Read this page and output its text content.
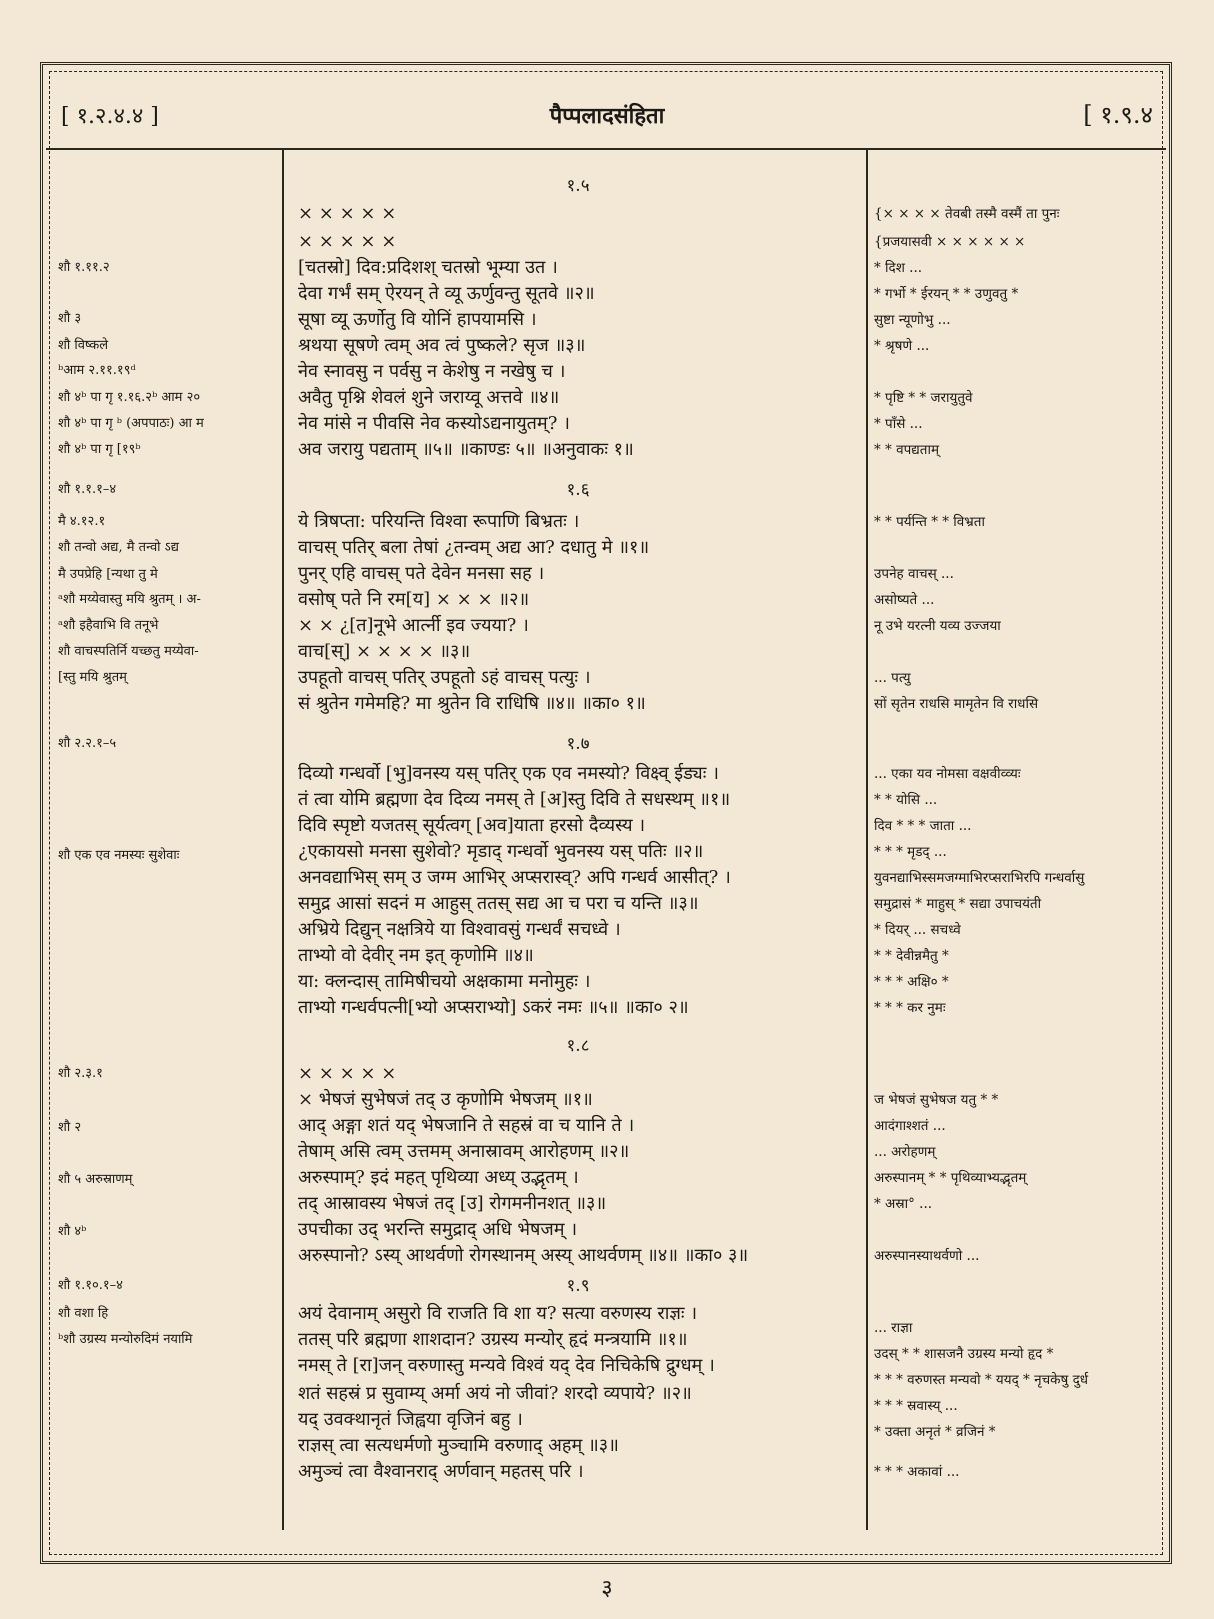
[ १.२.४.४ ]	पैप्पलादसंहिता	[ १.९.४
शौ १.११.२
शौ ३
शौ विष्कले
ᵇआम २.११.१९ᵈ
शौ ४ᵇ पा गृ १.१६.२ᵇ आम २०
शौ ४ᵇ पा गृ ᵇ (अपपाठः) आ म
शौ ४ᵇ पा गृ [१९ᵇ
शौ १.१.१–४
मै ४.१२.१
शौ तन्वो अद्य, मै तन्वो ऽद्य
मै उपप्रेहि [न्यथा तु मे
ᵃशौ मय्येवास्तु मयि श्रुतम् । अ-
ᵃशौ इहैवाभि वि तनूभे
शौ वाचस्पतिर्नि यच्छतु मय्येवा-
[स्तु मयि श्रुतम्
शौ २.२.१–५
शौ एक एव नमस्यः सुशेवाः
शौ २.३.१
शौ २
शौ ५ अरुस्राणम्
शौ ४ᵇ
शौ १.१०.१–४
शौ वशा हि
ᵇशौ उग्रस्य मन्योरुदिमं नयामि
१.५
× × × × ×
× × × × ×
[चतस्रो] दिव:प्रदिशश् चतस्रो भूम्या उत ।
देवा गर्भं सम् ऐरयन् ते व्यू ऊर्णुवन्तु सूतवे ॥२॥
सूषा व्यू ऊर्णोतु वि योनिं हापयामसि ।
श्रथया सूषणे त्वम् अव त्वं पुष्कले? सृज ॥३॥
नेव स्नावसु न पर्वसु न केशेषु न नखेषु च ।
अवैतु पृश्नि शेवलं शुने जराय्वू अत्तवे ॥४॥
नेव मांसे न पीवसि नेव कस्योऽद्यनायुतम्? ।
अव जरायु पद्यताम् ॥५॥ ॥काण्डः ५॥ ॥अनुवाकः १॥
१.६
ये त्रिषप्ता: परियन्ति विश्वा रूपाणि बिभ्रतः ।
वाचस् पतिर् बला तेषां ¿तन्वम् अद्य आ? दधातु मे ॥१॥
पुनर् एहि वाचस् पते देवेन मनसा सह ।
वसोष् पते नि रम[य] × × × ॥२॥
× × ¿[त]नूभे आर्त्नी इव ज्यया? ।
वाच[स्] × × × × ॥३॥
उपहूतो वाचस् पतिर् उपहूतो ऽहं वाचस् पत्युः ।
सं श्रुतेन गमेमहि? मा श्रुतेन वि राधिषि ॥४॥ ॥का० १॥
१.७
दिव्यो गन्धर्वो [भु]वनस्य यस् पतिर् एक एव नमस्यो? विक्ष्व् ईड्यः ।
तं त्वा योमि ब्रह्मणा देव दिव्य नमस् ते [अ]स्तु दिवि ते सधस्थम् ॥१॥
दिवि स्पृष्टो यजतस् सूर्यत्वग् [अव]याता हरसो दैव्यस्य ।
¿एकायसो मनसा सुशेवो? मृडाद् गन्धर्वो भुवनस्य यस् पतिः ॥२॥
अनवद्याभिस् सम् उ जग्म आभिर् अप्सरास्व्? अपि गन्धर्व आसीत्? ।
समुद्र आसां सदनं म आहुस् ततस् सद्य आ च परा च यन्ति ॥३॥
अभ्रिये दिद्युन् नक्षत्रिये या विश्वावसुं गन्धर्वं सचध्वे ।
ताभ्यो वो देवीर् नम इत् कृणोमि ॥४॥
या: क्लन्दास् तामिषीचयो अक्षकामा मनोमुहः ।
ताभ्यो गन्धर्वपत्नी[भ्यो अप्सराभ्यो] ऽकरं नमः ॥५॥ ॥का० २॥
१.८
× × × × ×
× भेषजं सुभेषजं तद् उ कृणोमि भेषजम् ॥१॥
आद् अङ्गा शतं यद् भेषजानि ते सहस्रं वा च यानि ते ।
तेषाम् असि त्वम् उत्तमम् अनास्रावम् आरोहणम् ॥२॥
अरुस्पाम्? इदं महत् पृथिव्या अध्य् उद्भृतम् ।
तद् आस्रावस्य भेषजं तद् [उ] रोगमनीनशत् ॥३॥
उपचीका उद् भरन्ति समुद्राद् अधि भेषजम् ।
अरुस्पानो? ऽस्य् आथर्वणो रोगस्थानम् अस्य् आथर्वणम् ॥४॥ ॥का० ३॥
१.९
अयं देवानाम् असुरो वि राजति वि शा य? सत्या वरुणस्य राज्ञः ।
ततस् परि ब्रह्मणा शाशदान? उग्रस्य मन्योर् हृदं मन्त्रयामि ॥१॥
नमस् ते [रा]जन् वरुणास्तु मन्यवे विश्वं यद् देव निचिकेषि द्रुग्धम् ।
शतं सहस्रं प्र सुवाम्य् अर्मा अयं नो जीवां? शरदो व्यपाये? ॥२॥
यद् उवक्थानृतं जिह्वया वृजिनं बहु ।
राज्ञस् त्वा सत्यधर्मणो मुञ्चामि वरुणाद् अहम् ॥३॥
अमुञ्चं त्वा वैश्वानराद् अर्णवान् महतस् परि ।
{× × × × तेवबी तस्मै वस्मैं ता पुनः
{प्रजयासवी × × × × × ×
* दिश ...
* गर्भो * ईरयन् * * उणुवतु *
सुष्टा न्यूणोभु ...
* श्रृषणे ...
* पृष्टि * * जरायुतुवे
* पाँसे ...
* * वपद्यताम्
* * पर्यन्ति * * विभ्रता
उपनेह वाचस् ...
असोष्यते ...
नू उभे यरत्नी यव्य उज्जया
... पत्यु
सों सृतेन राधसि मामृतेन वि राधसि
... एका यव नोमसा वक्षवीव्व्यः
* * योसि ...
दिव * * * जाता ...
* * * मृडद् ...
युवनद्याभिस्समजग्माभिरप्सराभिरपि गन्धर्वासु
समुद्रासं * माहुस् * सद्या उपाचयंती
* दियर् ... सचध्वे
* * देवीन्नमैतु *
* * * अक्षि० *
* * * कर नुमः
ज भेषजं सुभेषज यतु * *
आदंगाश्शतं ...
... अरोहणम्
अरुस्पानम् * * पृथिव्याभ्यद्भृतम्
* अस्रा° ...
अरुस्पानस्याथर्वणो ...
... राज्ञा
उदस् * * शासजनै उग्रस्य मन्यो हृद *
* * * वरुणस्त मन्यवो * ययद् * नृचकेषु दुर्ध
* * * स्रवास्य् ...
* उक्ता अनृतं * व्रजिनं *
* * * अकावां ...
३
